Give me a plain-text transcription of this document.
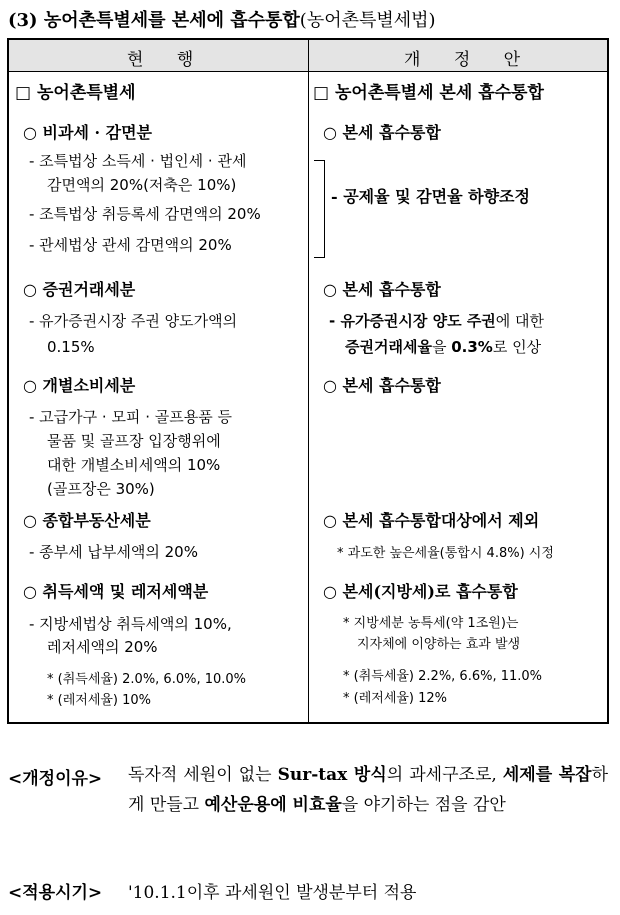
(3) 농어촌특별세를 본세에 흡수통합(농어촌특별세법)
현 행	개 정 안
□ 농어촌특별세
○ 비과세 · 감면분
- 조특법상 소득세 · 법인세 · 관세
감면액의 20%(저축은 10%)
- 조특법상 취등록세 감면액의 20%
- 관세법상 관세 감면액의 20%
○ 증권거래세분
- 유가증권시장 주권 양도가액의
0.15%
○ 개별소비세분
- 고급가구 · 모피 · 골프용품 등
물품 및 골프장 입장행위에
대한 개별소비세액의 10%
(골프장은 30%)
○ 종합부동산세분
- 종부세 납부세액의 20%
○ 취득세액 및 레저세액분
- 지방세법상 취득세액의 10%,
레저세액의 20%
* (취득세율) 2.0%, 6.0%, 10.0%
* (레저세율) 10%
□ 농어촌특별세 본세 흡수통합
○ 본세 흡수통합
- 공제율 및 감면율 하향조정
○ 본세 흡수통합
- 유가증권시장 양도 주권에 대한
증권거래세율을 0.3%로 인상
○ 본세 흡수통합
○ 본세 흡수통합대상에서 제외
* 과도한 높은세율(통합시 4.8%) 시정
○ 본세(지방세)로 흡수통합
* 지방세분 농특세(약 1조원)는
지자체에 이양하는 효과 발생
* (취득세율) 2.2%, 6.6%, 11.0%
* (레저세율) 12%
<개정이유> 독자적 세원이 없는 Sur-tax 방식의 과세구조로, 세제를 복잡하게 만들고 예산운용에 비효율을 야기하는 점을 감안
<적용시기> '10.1.1이후 과세원인 발생분부터 적용
